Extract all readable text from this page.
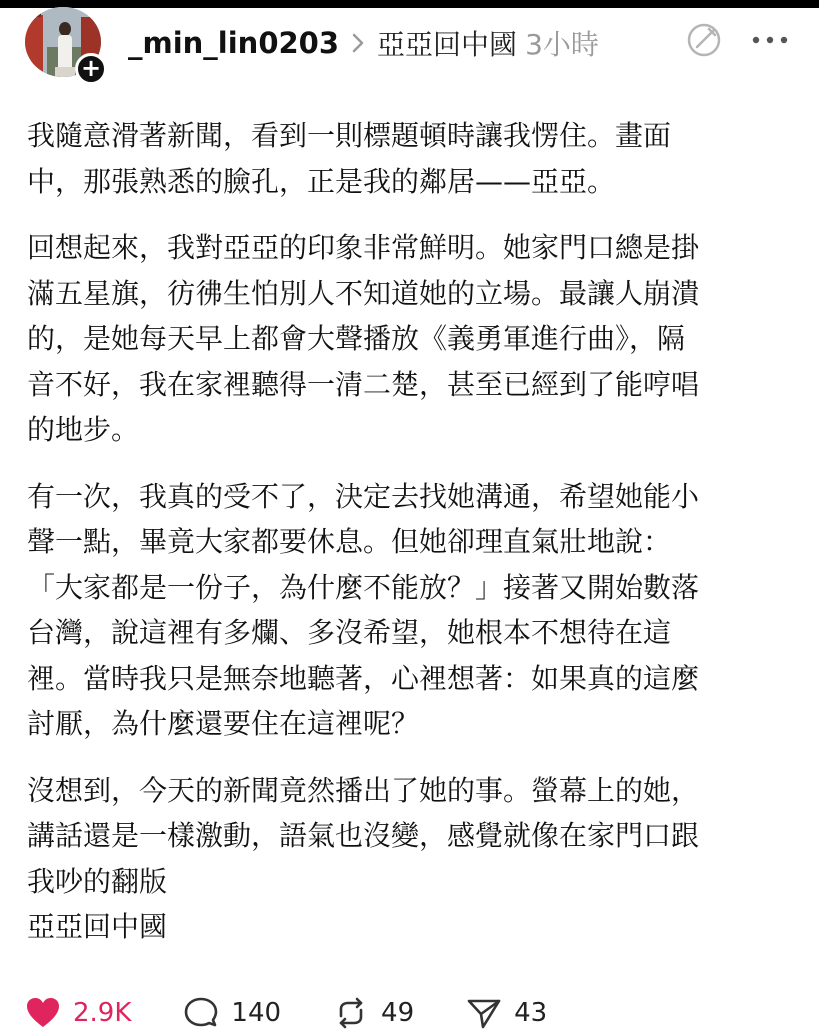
+
_min_lin0203 亞亞回中國 3小時

我隨意滑著新聞，看到一則標題頓時讓我愣住。畫面
中，那張熟悉的臉孔，正是我的鄰居——亞亞。

回想起來，我對亞亞的印象非常鮮明。她家門口總是掛
滿五星旗，彷彿生怕別人不知道她的立場。最讓人崩潰
的，是她每天早上都會大聲播放《義勇軍進行曲》，隔
音不好，我在家裡聽得一清二楚，甚至已經到了能哼唱
的地步。

有一次，我真的受不了，決定去找她溝通，希望她能小
聲一點，畢竟大家都要休息。但她卻理直氣壯地說：
「大家都是一份子，為什麼不能放？」接著又開始數落
台灣，說這裡有多爛、多沒希望，她根本不想待在這
裡。當時我只是無奈地聽著，心裡想著：如果真的這麼
討厭，為什麼還要住在這裡呢？

沒想到，今天的新聞竟然播出了她的事。螢幕上的她，
講話還是一樣激動，語氣也沒變，感覺就像在家門口跟
我吵的翻版
亞亞回中國

2.9K	140	49	43
